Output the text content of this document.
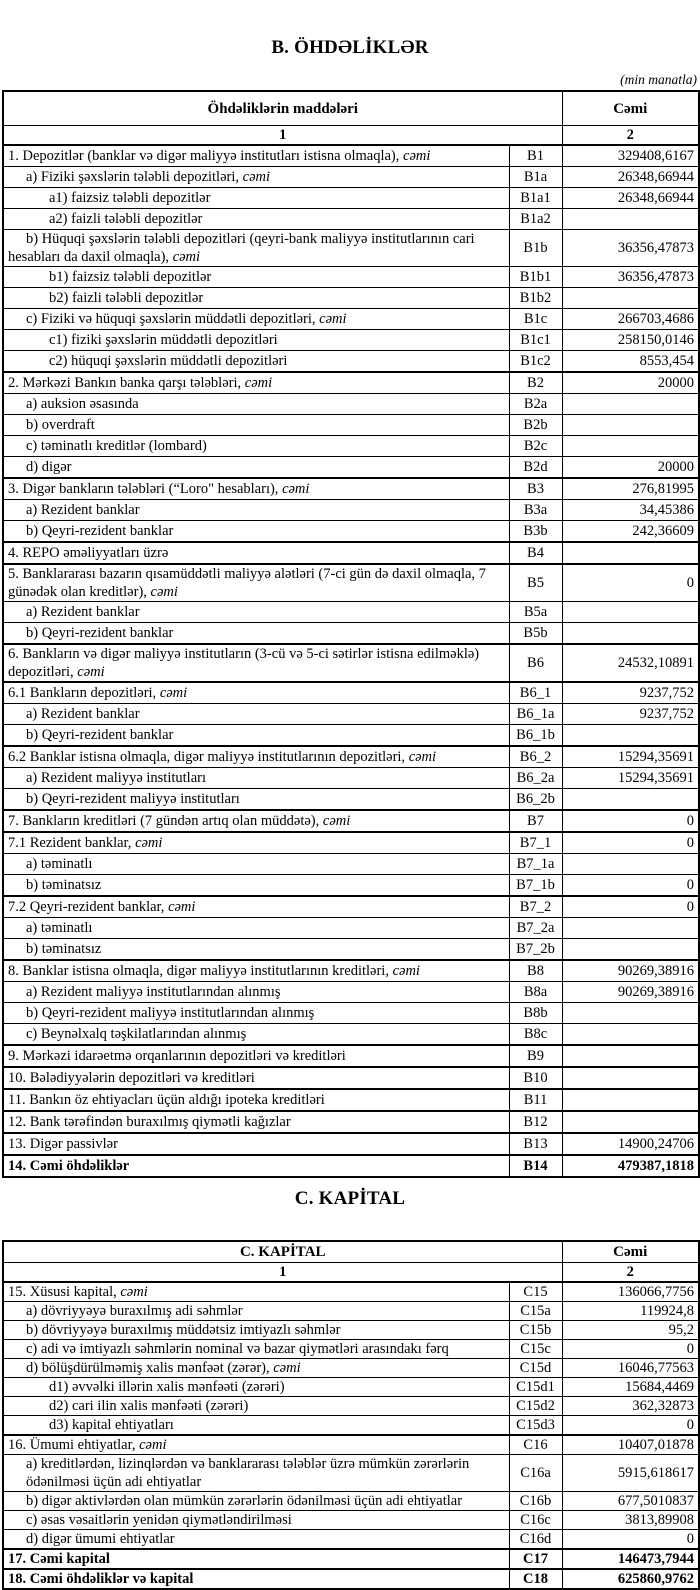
B. ÖHDƏLİKLƏR
(min manatla)
Öhdəliklərin maddələri		Cəmi
1		2
1. Depozitlər (banklar və digər maliyyə institutları istisna olmaqla), cəmi	B1	329408,6167
a) Fiziki şəxslərin tələbli depozitləri, cəmi	B1a	26348,66944
a1) faizsiz tələbli depozitlər	B1a1	26348,66944
a2) faizli tələbli depozitlər	B1a2	
b) Hüquqi şəxslərin tələbli depozitləri (qeyri-bank maliyyə institutlarının cari hesabları da daxil olmaqla), cəmi	B1b	36356,47873
b1) faizsiz tələbli depozitlər	B1b1	36356,47873
b2) faizli tələbli depozitlər	B1b2	
c) Fiziki və hüquqi şəxslərin müddətli depozitləri, cəmi	B1c	266703,4686
c1) fiziki şəxslərin müddətli depozitləri	B1c1	258150,0146
c2) hüquqi şəxslərin müddətli depozitləri	B1c2	8553,454
2. Mərkəzi Bankın banka qarşı tələbləri, cəmi	B2	20000
a) auksion əsasında	B2a	
b) overdraft	B2b	
c) təminatlı kreditlər (lombard)	B2c	
d) digər	B2d	20000
3. Digər bankların tələbləri (“Loro" hesabları), cəmi	B3	276,81995
a) Rezident banklar	B3a	34,45386
b) Qeyri-rezident banklar	B3b	242,36609
4. REPO əməliyyatları üzrə	B4	
5. Banklararası bazarın qısamüddətli maliyyə alətləri (7-ci gün də daxil olmaqla, 7 günədək olan kreditlər), cəmi	B5	0
a) Rezident banklar	B5a	
b) Qeyri-rezident banklar	B5b	
6. Bankların və digər maliyyə institutların (3-cü və 5-ci sətirlər istisna edilməklə) depozitləri, cəmi	B6	24532,10891
6.1 Bankların depozitləri, cəmi	B6_1	9237,752
a) Rezident banklar	B6_1a	9237,752
b) Qeyri-rezident banklar	B6_1b	
6.2 Banklar istisna olmaqla, digər maliyyə institutlarının depozitləri, cəmi	B6_2	15294,35691
a) Rezident maliyyə institutları	B6_2a	15294,35691
b) Qeyri-rezident maliyyə institutları	B6_2b	
7. Bankların kreditləri (7 gündən artıq olan müddətə), cəmi	B7	0
7.1 Rezident banklar, cəmi	B7_1	0
a) təminatlı	B7_1a	
b) təminatsız	B7_1b	0
7.2 Qeyri-rezident banklar, cəmi	B7_2	0
a) təminatlı	B7_2a	
b) təminatsız	B7_2b	
8. Banklar istisna olmaqla, digər maliyyə institutlarının kreditləri, cəmi	B8	90269,38916
a) Rezident maliyyə institutlarından alınmış	B8a	90269,38916
b) Qeyri-rezident maliyyə institutlarından alınmış	B8b	
c) Beynəlxalq təşkilatlarından alınmış	B8c	
9. Mərkəzi idarəetmə orqanlarının depozitləri və kreditləri	B9	
10. Bələdiyyələrin depozitləri və kreditləri	B10	
11. Bankın öz ehtiyacları üçün aldığı ipoteka kreditləri	B11	
12. Bank tərəfindən buraxılmış qiymətli kağızlar	B12	
13. Digər passivlər	B13	14900,24706
14. Cəmi öhdəliklər	B14	479387,1818
C. KAPİTAL
C. KAPİTAL		Cəmi
1		2
15. Xüsusi kapital, cəmi	C15	136066,7756
a) dövriyyəyə buraxılmış adi səhmlər	C15a	119924,8
b) dövriyyəyə buraxılmış müddətsiz imtiyazlı səhmlər	C15b	95,2
c) adi və imtiyazlı səhmlərin nominal və bazar qiymətləri arasındakı fərq	C15c	0
d) bölüşdürülməmiş xalis mənfəət (zərər), cəmi	C15d	16046,77563
d1) əvvəlki illərin xalis mənfəəti (zərəri)	C15d1	15684,4469
d2) cari ilin xalis mənfəəti (zərəri)	C15d2	362,32873
d3) kapital ehtiyatları	C15d3	0
16. Ümumi ehtiyatlar, cəmi	C16	10407,01878
a) kreditlərdən, lizinqlərdən və banklararası tələblər üzrə mümkün zərərlərin ödənilməsi üçün adi ehtiyatlar	C16a	5915,618617
b) digər aktivlərdən olan mümkün zərərlərin ödənilməsi üçün adi ehtiyatlar	C16b	677,5010837
c) əsas vəsaitlərin yenidən qiymətləndirilməsi	C16c	3813,89908
d) digər ümumi ehtiyatlar	C16d	0
17. Cəmi kapital	C17	146473,7944
18. Cəmi öhdəliklər və kapital	C18	625860,9762
